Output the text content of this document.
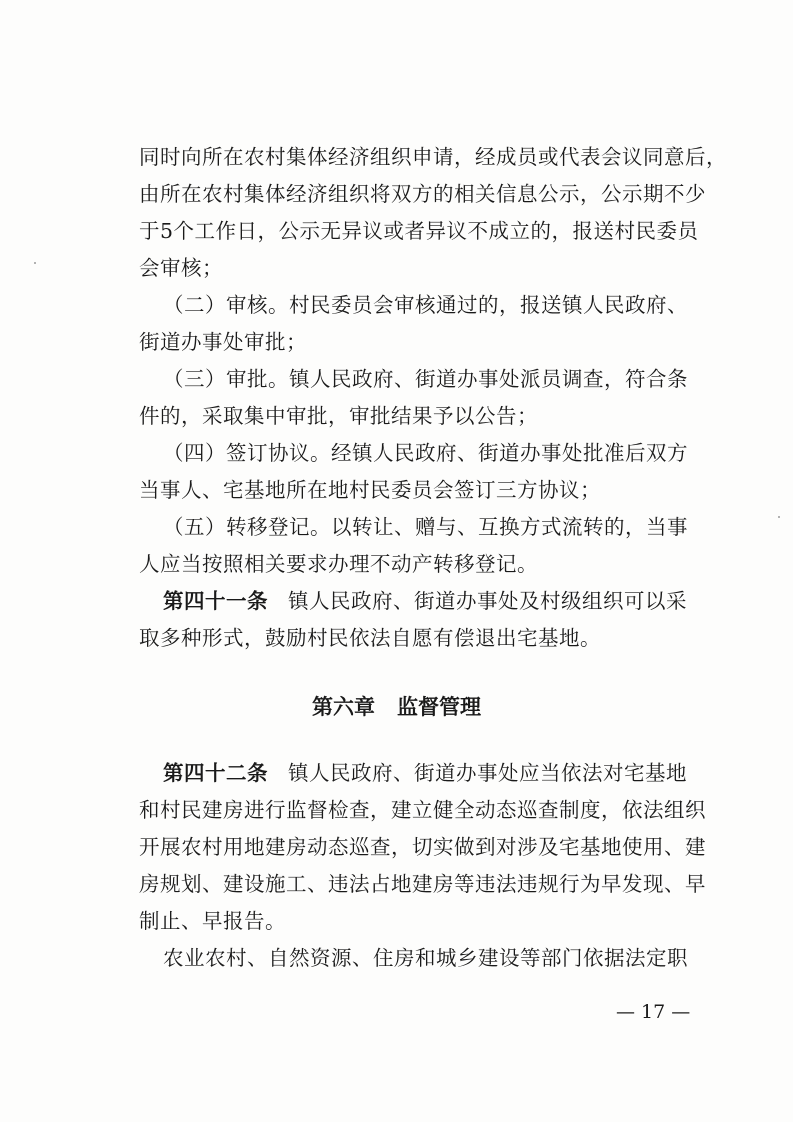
同时向所在农村集体经济组织申请，经成员或代表会议同意后，
由所在农村集体经济组织将双方的相关信息公示，公示期不少
于5个工作日，公示无异议或者异议不成立的，报送村民委员
会审核；
（二）审核。村民委员会审核通过的，报送镇人民政府、
街道办事处审批；
（三）审批。镇人民政府、街道办事处派员调查，符合条
件的，采取集中审批，审批结果予以公告；
（四）签订协议。经镇人民政府、街道办事处批准后双方
当事人、宅基地所在地村民委员会签订三方协议；
（五）转移登记。以转让、赠与、互换方式流转的，当事
人应当按照相关要求办理不动产转移登记。
第四十一条 镇人民政府、街道办事处及村级组织可以采
取多种形式，鼓励村民依法自愿有偿退出宅基地。
第六章 监督管理
第四十二条 镇人民政府、街道办事处应当依法对宅基地
和村民建房进行监督检查，建立健全动态巡查制度，依法组织
开展农村用地建房动态巡查，切实做到对涉及宅基地使用、建
房规划、建设施工、违法占地建房等违法违规行为早发现、早
制止、早报告。
农业农村、自然资源、住房和城乡建设等部门依据法定职
— 17 —
